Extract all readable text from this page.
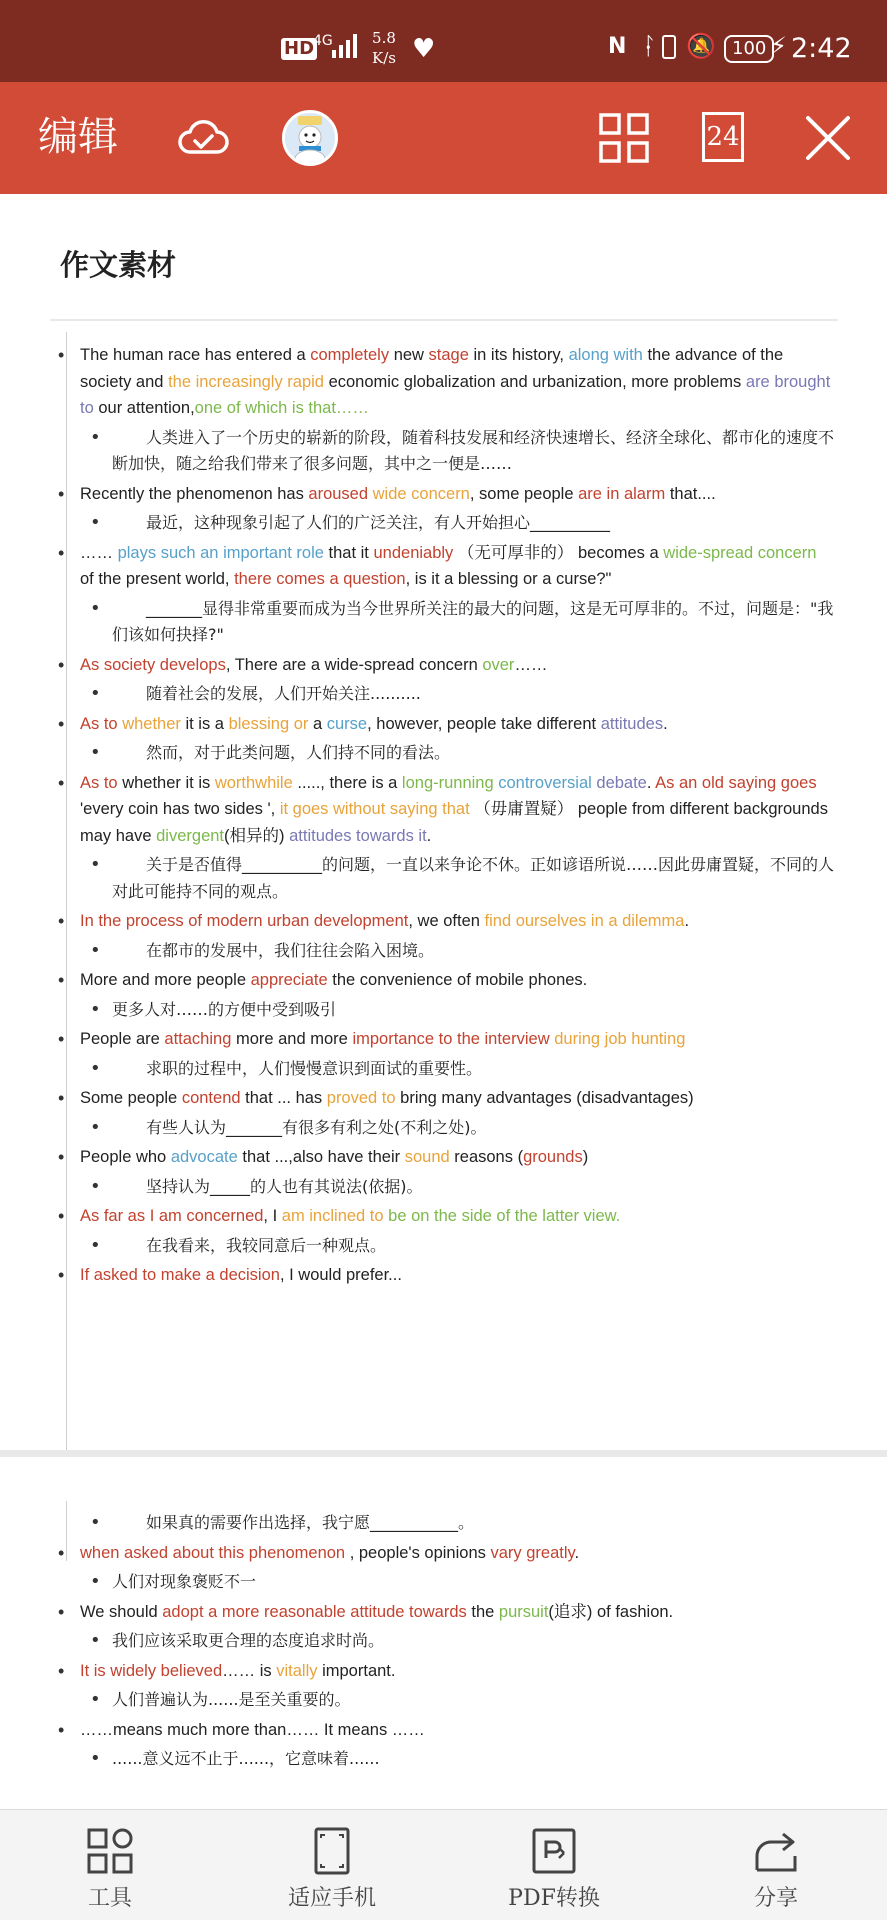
HD
4G	5.8
K/s ♥	N ᛛ 🔕 100 ⚡ 2:42
编辑	24
作文素材
• The human race has entered a completely new stage in its history, along with the advance of the society and the increasingly rapid economic globalization and urbanization, more problems are brought to our attention,one of which is that……
• 人类进入了一个历史的崭新的阶段，随着科技发展和经济快速增长、经济全球化、都市化的速度不断加快，随之给我们带来了很多问题，其中之一便是……
• Recently the phenomenon has aroused wide concern, some people are in alarm that....
• 最近，这种现象引起了人们的广泛关注，有人开始担心__________
• …… plays such an important role that it undeniably （无可厚非的） becomes a wide-spread concern of the present world, there comes a question, is it a blessing or a curse?"
• _______显得非常重要而成为当今世界所关注的最大的问题，这是无可厚非的。不过，问题是："我们该如何抉择?"
• As society develops, There are a wide-spread concern over……
• 随着社会的发展，人们开始关注..........
• As to whether it is a blessing or a curse, however, people take different attitudes.
• 然而，对于此类问题，人们持不同的看法。
• As to whether it is worthwhile ....., there is a long-running controversial debate. As an old saying goes 'every coin has two sides ', it goes without saying that （毋庸置疑） people from different backgrounds may have divergent(相异的) attitudes towards it.
• 关于是否值得__________的问题，一直以来争论不休。正如谚语所说……因此毋庸置疑，不同的人对此可能持不同的观点。
• In the process of modern urban development, we often find ourselves in a dilemma.
• 在都市的发展中，我们往往会陷入困境。
• More and more people appreciate the convenience of mobile phones.
• 更多人对……的方便中受到吸引
• People are attaching more and more importance to the interview during job hunting
• 求职的过程中，人们慢慢意识到面试的重要性。
• Some people contend that ... has proved to bring many advantages (disadvantages)
• 有些人认为_______有很多有利之处(不利之处)。
• People who advocate that ...,also have their sound reasons (grounds)
• 坚持认为_____的人也有其说法(依据)。
• As far as I am concerned, I am inclined to be on the side of the latter view.
• 在我看来，我较同意后一种观点。
• If asked to make a decision, I would prefer...
• 如果真的需要作出选择，我宁愿___________。
• when asked about this phenomenon , people's opinions vary greatly.
• 人们对现象褒贬不一
• We should adopt a more reasonable attitude towards the pursuit(追求) of fashion.
• 我们应该采取更合理的态度追求时尚。
• It is widely believed…… is vitally important.
• 人们普遍认为......是至关重要的。
• ……means much more than…… It means ……
• ......意义远不止于......，它意味着......
工具	适应手机	PDF转换	分享
